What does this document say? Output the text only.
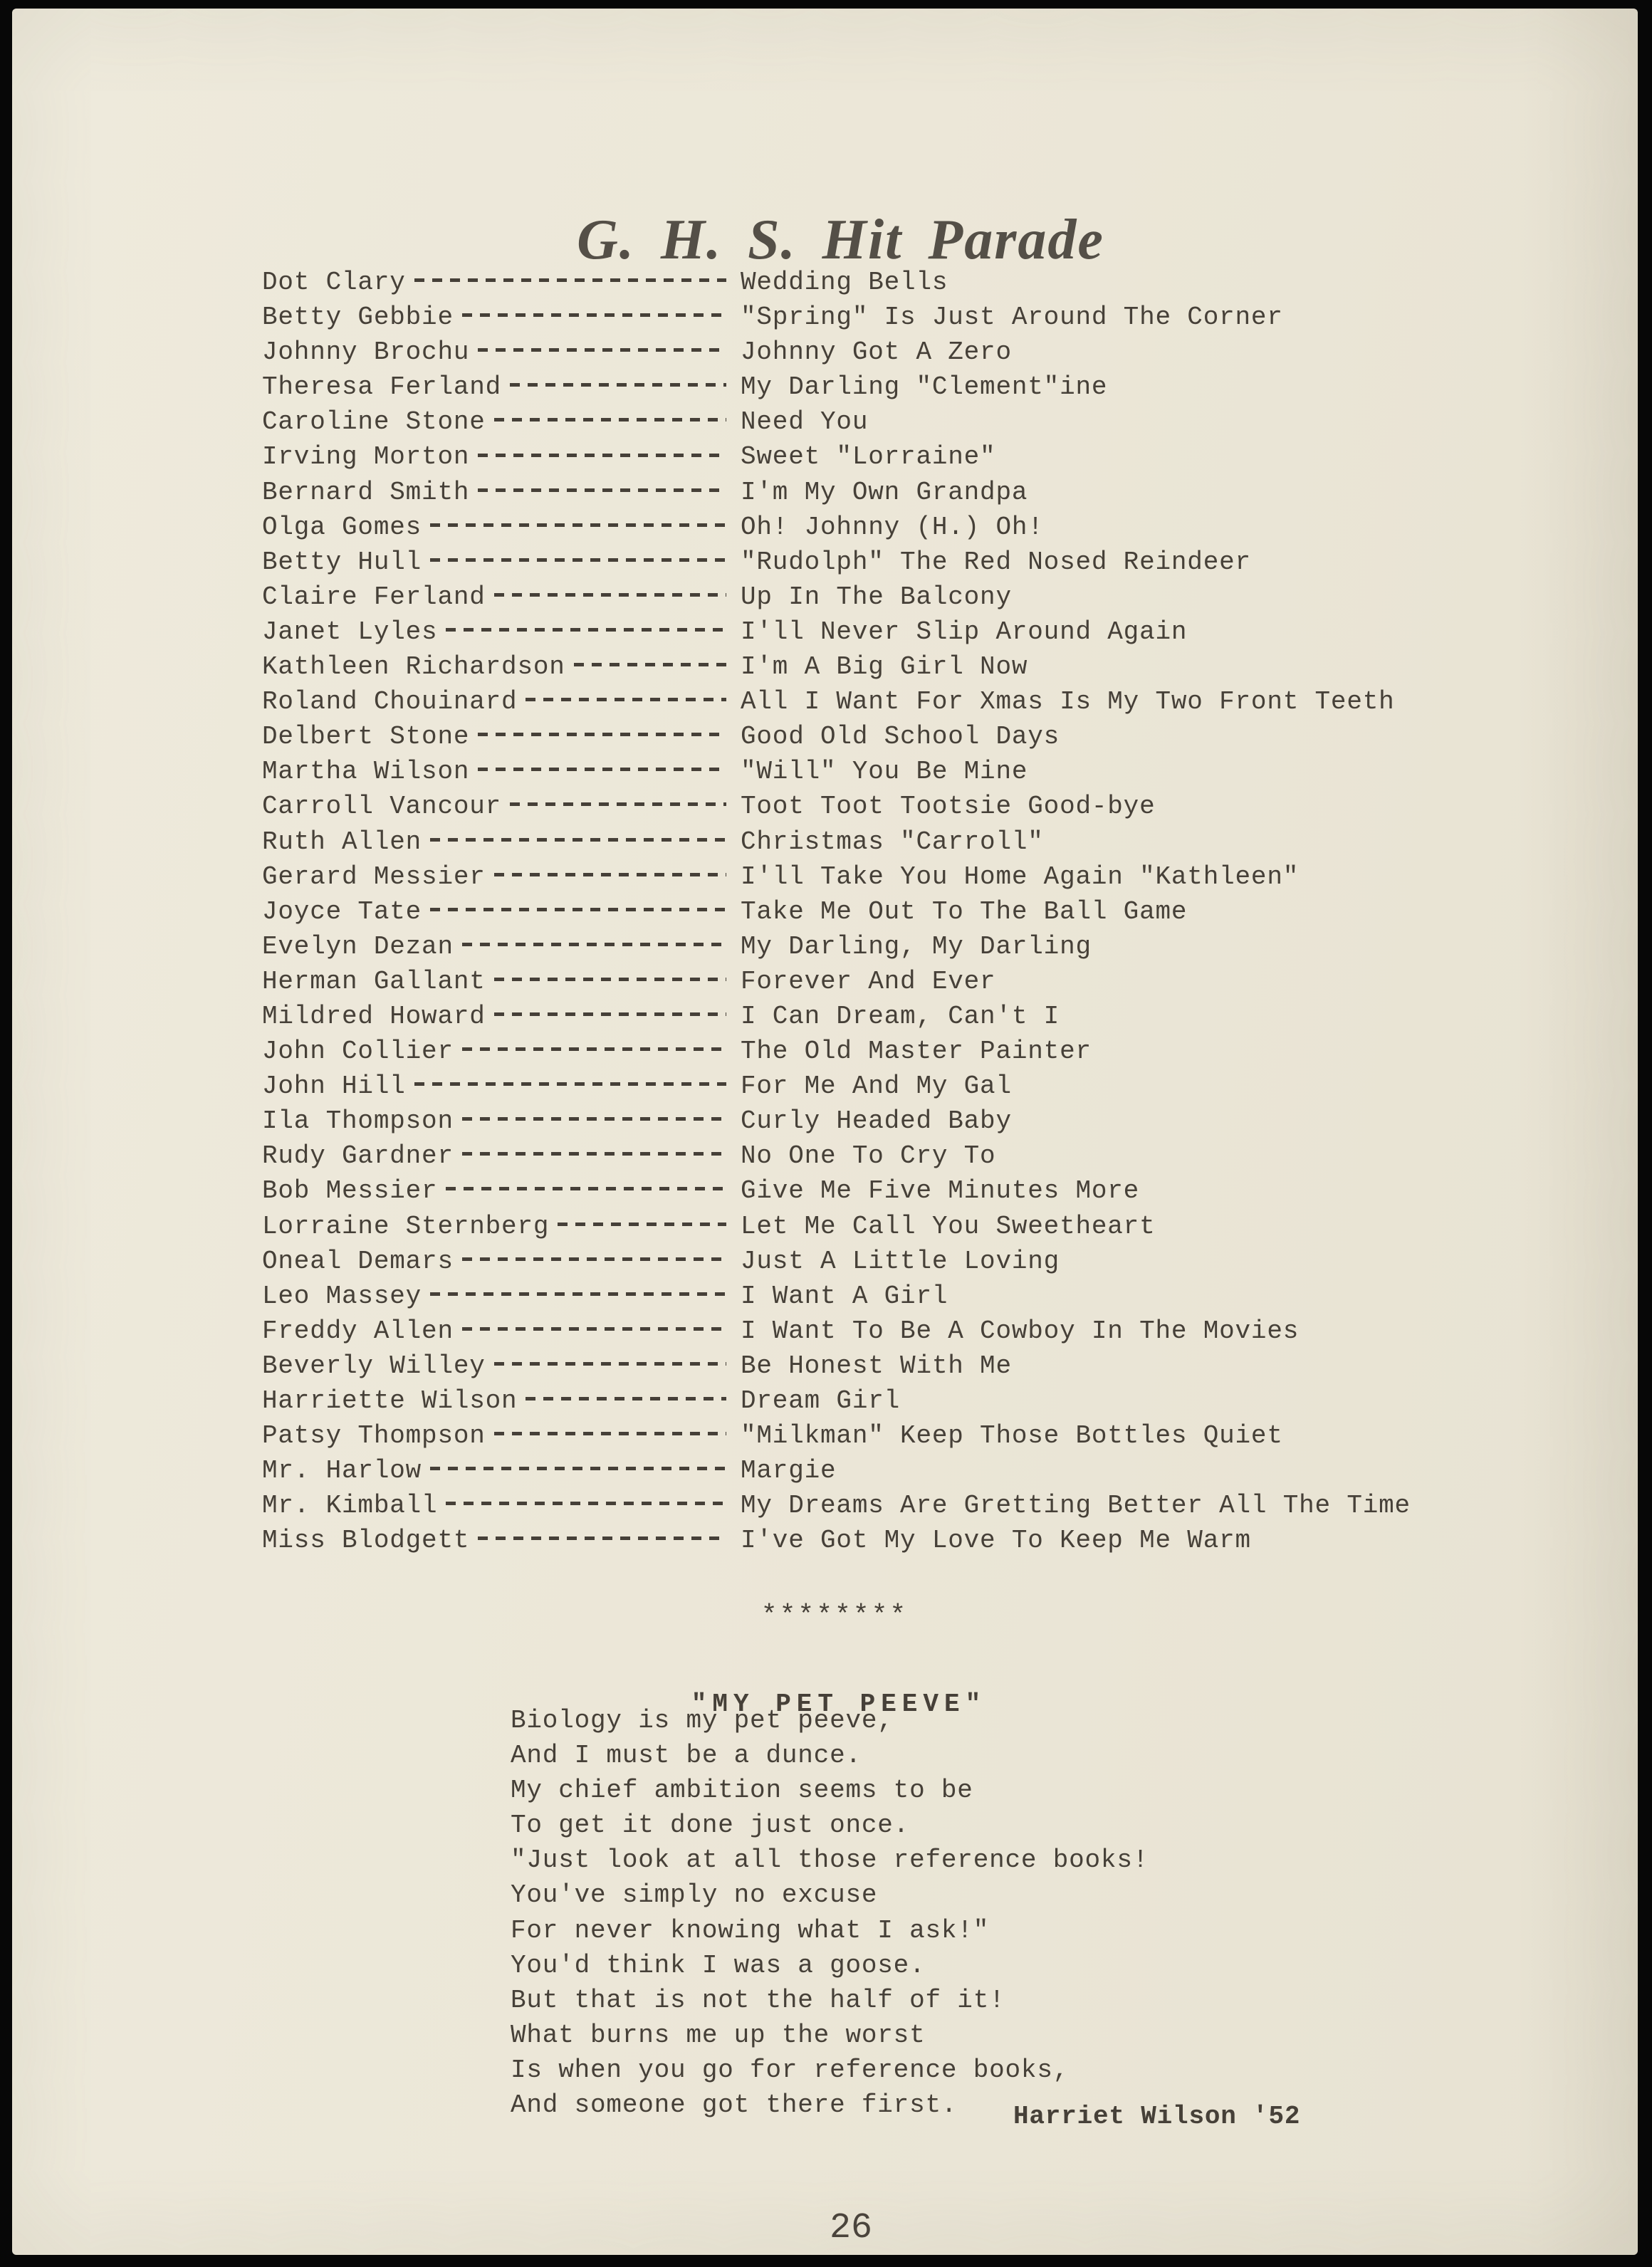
G. H. S. Hit Parade
Dot Clary	Wedding Bells
Betty Gebbie	"Spring" Is Just Around The Corner
Johnny Brochu	Johnny Got A Zero
Theresa Ferland	My Darling "Clement"ine
Caroline Stone	Need You
Irving Morton	Sweet "Lorraine"
Bernard Smith	I'm My Own Grandpa
Olga Gomes	Oh! Johnny (H.) Oh!
Betty Hull	"Rudolph" The Red Nosed Reindeer
Claire Ferland	Up In The Balcony
Janet Lyles	I'll Never Slip Around Again
Kathleen Richardson	I'm A Big Girl Now
Roland Chouinard	All I Want For Xmas Is My Two Front Teeth
Delbert Stone	Good Old School Days
Martha Wilson	"Will" You Be Mine
Carroll Vancour	Toot Toot Tootsie Good-bye
Ruth Allen	Christmas "Carroll"
Gerard Messier	I'll Take You Home Again "Kathleen"
Joyce Tate	Take Me Out To The Ball Game
Evelyn Dezan	My Darling, My Darling
Herman Gallant	Forever And Ever
Mildred Howard	I Can Dream, Can't I
John Collier	The Old Master Painter
John Hill	For Me And My Gal
Ila Thompson	Curly Headed Baby
Rudy Gardner	No One To Cry To
Bob Messier	Give Me Five Minutes More
Lorraine Sternberg	Let Me Call You Sweetheart
Oneal Demars	Just A Little Loving
Leo Massey	I Want A Girl
Freddy Allen	I Want To Be A Cowboy In The Movies
Beverly Willey	Be Honest With Me
Harriette Wilson	Dream Girl
Patsy Thompson	"Milkman" Keep Those Bottles Quiet
Mr. Harlow	Margie
Mr. Kimball	My Dreams Are Gretting Better All The Time
Miss Blodgett	I've Got My Love To Keep Me Warm
********
"MY PET PEEVE"
Biology is my pet peeve,
And I must be a dunce.
My chief ambition seems to be
To get it done just once.
"Just look at all those reference books!
You've simply no excuse
For never knowing what I ask!"
You'd think I was a goose.
But that is not the half of it!
What burns me up the worst
Is when you go for reference books,
And someone got there first.	Harriet Wilson '52
26
